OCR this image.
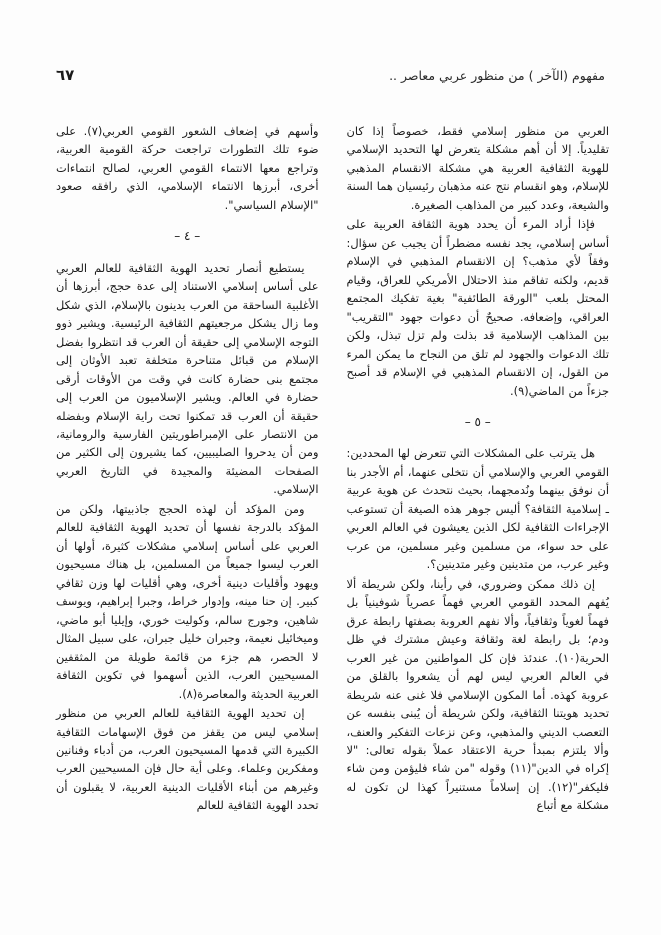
مفهوم (الآخر ) من منظور عربي معاصر ..
٦٧

العربي من منظور إسلامي فقط، خصوصاً إذا كان تقليدياً. إلا أن أهم مشكلة يتعرض لها التحديد الإسلامي للهوية الثقافية العربية هي مشكلة الانقسام المذهبي للإسلام، وهو انقسام نتج عنه مذهبان رئيسيان هما السنة والشيعة، وعدد كبير من المذاهب الصغيرة.

فإذا أراد المرء أن يحدد هوية الثقافة العربية على أساس إسلامي، يجد نفسه مضطراً أن يجيب عن سؤال: وفقاً لأي مذهب؟ إن الانقسام المذهبي في الإسلام قديم، ولكنه تفاقم منذ الاحتلال الأمريكي للعراق، وقيام المحتل بلعب "الورقة الطائفية" بغية تفكيك المجتمع العراقي، وإضعافه. صحيحٌ أن دعوات جهود "التقريب" بين المذاهب الإسلامية قد بذلت ولم تزل تبذل، ولكن تلك الدعوات والجهود لم تلق من النجاح ما يمكن المرء من القول، إن الانقسام المذهبي في الإسلام قد أصبح جزءاً من الماضي(٩).

– ٥ –

هل يترتب على المشكلات التي تتعرض لها المحددين: القومي العربي والإسلامي أن نتخلى عنهما، أم الأجدر بنا أن نوفق بينهما ونُدمجهما، بحيث نتحدث عن هوية عربية ـ إسلامية الثقافة؟ أليس جوهر هذه الصيغة أن تستوعب الإجراءات الثقافية لكل الذين يعيشون في العالم العربي على حد سواء، من مسلمين وغير مسلمين، من عرب وغير عرب، من متدينين وغير متدينين؟.

إن ذلك ممكن وضروري، في رأينا، ولكن شريطة ألا يُفهم المحدد القومي العربي فهماً عصرياً شوفينياً بل فهماً لغوياً وثقافياً، وألا نفهم العروبة بصفتها رابطة عرق ودم؛ بل رابطة لغة وثقافة وعيش مشترك في ظل الحرية(١٠). عندئذ فإن كل المواطنين من غير العرب في العالم العربي ليس لهم أن يشعروا بالقلق من عروبة كهذه. أما المكون الإسلامي فلا غنى عنه شريطة تحديد هويتنا الثقافية، ولكن شريطة أن يُبنى بنفسه عن التعصب الديني والمذهبي، وعن نزعات التفكير والعنف، وألا يلتزم بمبدأ حرية الاعتقاد عملاً بقوله تعالى: "لا إكراه في الدين"(١١) وقوله "من شاء فليؤمن ومن شاء فليكفر"(١٢). إن إسلاماً مستنيراً كهذا لن تكون له مشكلة مع أتباع

وأسهم في إضعاف الشعور القومي العربي(٧). على ضوء تلك التطورات تراجعت حركة القومية العربية، وتراجع معها الانتماء القومي العربي، لصالح انتماءات أخرى، أبرزها الانتماء الإسلامي، الذي رافقه صعود "الإسلام السياسي".

– ٤ –

يستطيع أنصار تحديد الهوية الثقافية للعالم العربي على أساس إسلامي الاستناد إلى عدة حجج، أبرزها أن الأغلبية الساحقة من العرب يدينون بالإسلام، الذي شكل وما زال يشكل مرجعيتهم الثقافية الرئيسية. ويشير ذوو التوجه الإسلامي إلى حقيقة أن العرب قد انتظروا بفضل الإسلام من قبائل متناحرة متخلفة تعبد الأوثان إلى مجتمع بنى حضارة كانت في وقت من الأوقات أرقى حضارة في العالم. ويشير الإسلاميون من العرب إلى حقيقة أن العرب قد تمكنوا تحت راية الإسلام وبفضله من الانتصار على الإمبراطوريتين الفارسية والرومانية، ومن أن يدحروا الصليبيين، كما يشيرون إلى الكثير من الصفحات المضيئة والمجيدة في التاريخ العربي الإسلامي.

ومن المؤكد أن لهذه الحجج جاذبيتها، ولكن من المؤكد بالدرجة نفسها أن تحديد الهوية الثقافية للعالم العربي على أساس إسلامي مشكلات كثيرة، أولها أن العرب ليسوا جميعاً من المسلمين، بل هناك مسيحيون ويهود وأقليات دينية أخرى، وهي أقليات لها وزن ثقافي كبير. إن حنا مينه، وإدوار خراط، وجبرا إبراهيم، ويوسف شاهين، وجورج سالم، وكوليت خوري، وإيليا أبو ماضي، وميخائيل نعيمة، وجبران خليل جبران، على سبيل المثال لا الحصر، هم جزء من قائمة طويلة من المثقفين المسيحيين العرب، الذين أسهموا في تكوين الثقافة العربية الحديثة والمعاصرة(٨).

إن تحديد الهوية الثقافية للعالم العربي من منظور إسلامي ليس من يقفز من فوق الإسهامات الثقافية الكبيرة التي قدمها المسيحيون العرب، من أدباء وفنانين ومفكرين وعلماء. وعلى أية حال فإن المسيحيين العرب وغيرهم من أبناء الأقليات الدينية العربية، لا يقبلون أن تحدد الهوية الثقافية للعالم
